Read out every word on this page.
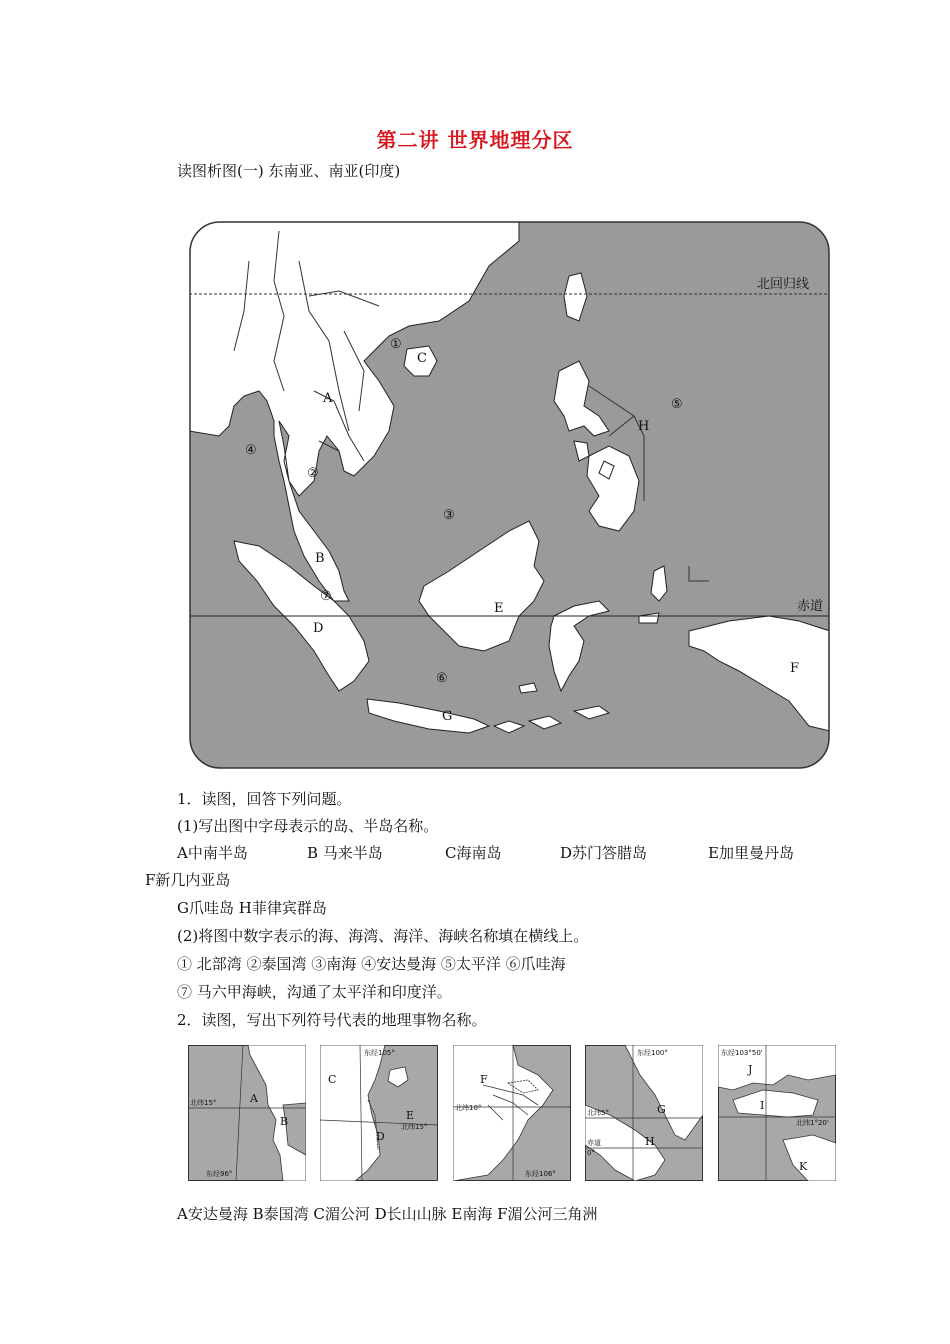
第二讲 世界地理分区
读图析图(一) 东南亚、南亚(印度)
北回归线
赤道
A
B
C
D
E
F
G
H
①
②
③
④
⑤
⑥
⑦
1．读图，回答下列问题。
(1)写出图中字母表示的岛、半岛名称。
A中南半岛	B 马来半岛	C海南岛	D苏门答腊岛	E加里曼丹岛
F新几内亚岛
G爪哇岛 H菲律宾群岛
(2)将图中数字表示的海、海湾、海洋、海峡名称填在横线上。
① 北部湾 ②泰国湾 ③南海 ④安达曼海 ⑤太平洋 ⑥爪哇海
⑦ 马六甲海峡，沟通了太平洋和印度洋。
2．读图，写出下列符号代表的地理事物名称。
A
B
北纬15°
东经96°
C
E
D
北纬15°
东经105°
F
北纬10°
东经106°
G
H
北纬5°
东经100°
赤道
0°
J
I
K
北纬1°20'
东经103°50'
A安达曼海 B泰国湾 C湄公河 D长山山脉 E南海 F湄公河三角洲
